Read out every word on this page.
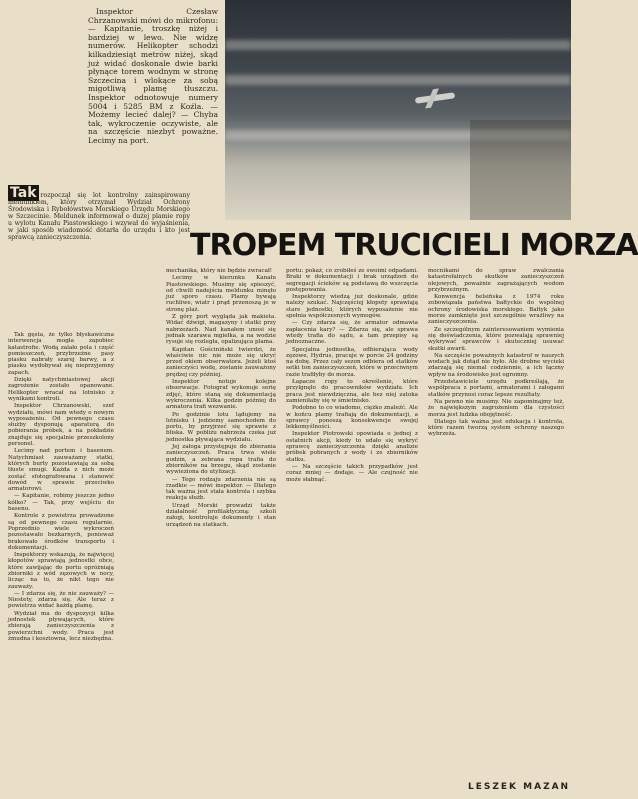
Inspektor Czesław Chrzanowski mówi do mikrofonu: — Kapitanie, troszkę niżej i bardziej w lewo. Nie widzę numerów. Helikopter schodzi kilkadziesiąt metrów niżej, skąd już widać doskonale dwie barki płynące torem wodnym w stronę Szczecina i wlokące za sobą migotliwą plamę tłuszczu. Inspektor odnotowuje numery 5004 i 5285 BM z Koźla. — Możemy lecieć dalej? — Chyba tak, wykroczenie oczywiste, ale na szczęście niezbyt poważne. Lecimy na port.

Tak rozpoczął się lot kontrolny zainspirowany meldunkiem, który otrzymał Wydział Ochrony Środowiska i Rybołówstwa Morskiego Urzędu Morskiego w Szczecinie. Meldunek informował o dużej plamie ropy u wylotu Kanału Piastowskiego i wzywał do wyjaśnienia, w jaki sposób wiadomość dotarła do urzędu i kto jest sprawcą zanieczyszczenia.	TROPEM TRUCICIELI MORZA

Tak gęsta, że tylko błyskawiczna interwencja mogła zapobiec katastrofie. Wodą zalało pola i część pomieszczeń, przybrzeżne pasy piasku nabrały szarej barwy, a z piasku wydobywał się nieprzyjemny zapach.

Dzięki natychmiastowej akcji zagrożenie zostało opanowane. Helikopter wracał na lotnisko z wynikami kontroli.

Inspektor Chrzanowski, szef wydziału, mówi nam wtedy o nowym wyposażeniu. Od pewnego czasu służby dysponują aparaturą do pobierania próbek, a na pokładzie znajduje się specjalnie przeszkolony personel.

Lecimy nad portem i basenem. Natychmiast zauważamy statki, których burty pozostawiają za sobą tłuste smugi. Każda z nich może zostać sfotografowana i stanowić dowód w sprawie przeciwko armatorowi.

— Kapitanie, robimy jeszcze jedno kółko? — Tak, przy wejściu do basenu.

Kontrole z powietrza prowadzone są od pewnego czasu regularnie. Poprzednio wiele wykroczeń pozostawało bezkarnych, ponieważ brakowało środków transportu i dokumentacji.

Inspektorzy wskazują, że najwięcej kłopotów sprawiają jednostki obce, które zawijając do portu opróżniają zbiorniki z wód zęzowych w nocy, licząc na to, że nikt tego nie zauważy.

— I zdarza się, że nie zauważy? — Niestety, zdarza się. Ale teraz z powietrza widać każdą plamę.

Wydział ma do dyspozycji kilka jednostek pływających, które zbierają zanieczyszczenia z powierzchni wody. Praca jest żmudna i kosztowna, lecz niezbędna.

mechanika, który nie będzie zwracał!

Lecimy w kierunku Kanału Piastowskiego. Musimy się spieszyć, od chwili nadejścia meldunku minęło już sporo czasu. Plamy bywają ruchliwe, wiatr i prąd przenoszą je w stronę plaż.

Z góry port wygląda jak makieta. Widać dźwigi, magazyny i statki przy nabrzeżach. Nad kanałem unosi się jednak szarawa mgiełka, a na wodzie rysuje się rozległa, opalizująca plama.

Kapitan Gościniński twierdzi, że właściwie nic nie może się ukryć przed okiem obserwatora. Jeżeli ktoś zanieczyści wodę, zostanie zauważony prędzej czy później.

Inspektor notuje kolejne obserwacje. Fotograf wykonuje serię zdjęć, które staną się dokumentacją wykroczenia. Kilka godzin później do armatora trafi wezwanie.

Po godzinie lotu lądujemy na lotnisku i jedziemy samochodem do portu, by przyjrzeć się sprawie z bliska. W pobliżu nabrzeża czeka już jednostka pływająca wydziału.

Jej załoga przystępuje do zbierania zanieczyszczeń. Praca trwa wiele godzin, a zebrana ropa trafia do zbiorników na brzegu, skąd zostanie wywieziona do utylizacji.

— Tego rodzaju zdarzenia nie są rzadkie — mówi inspektor. — Dlatego tak ważna jest stała kontrola i szybka reakcja służb.

Urząd Morski prowadzi także działalność profilaktyczną: szkoli załogi, kontroluje dokumenty i stan urządzeń na statkach.

portu: pokaż, co zrobiłeś ze swoimi odpadami. Braki w dokumentacji i brak urządzeń do segregacji ścieków są podstawą do wszczęcia postępowania.

Inspektorzy wiedzą już doskonale, gdzie należy szukać. Najczęściej kłopoty sprawiają stare jednostki, których wyposażenie nie spełnia współczesnych wymogów.

— Czy zdarza się, że armator odmawia zapłacenia kary? — Zdarza się, ale sprawa wtedy trafia do sądu, a tam przepisy są jednoznaczne.

Specjalna jednostka, odbierająca wody zęzowe, Hydrus, pracuje w porcie 24 godziny na dobę. Przez cały sezon odbiera od statków setki ton zanieczyszczeń, które w przeciwnym razie trafiłyby do morza.

Łapacze ropy to określenie, które przylgnęło do pracowników wydziału. Ich praca jest niewdzięczna, ale bez niej zatoka zamieniłaby się w śmietnisko.

Podobno to co wiadomo, ciężko znaleźć. Ale w końcu plamy trafiają do dokumentacji, a sprawcy ponoszą konsekwencje swojej lekkomyślności.

Inspektor Piotrowski opowiada o jednej z ostatnich akcji, kiedy to udało się wykryć sprawcę zanieczyszczenia dzięki analizie próbek pobranych z wody i ze zbiorników statku.

— Na szczęście takich przypadków jest coraz mniej — dodaje. — Ale czujność nie może słabnąć.

mocnikami do spraw zwalczania katastrofalnych skutków zanieczyszczeń olejowych, poważnie zagrażających wodom przybrzeżnym.

Konwencja helsińska z 1974 roku zobowiązała państwa bałtyckie do wspólnej ochrony środowiska morskiego. Bałtyk jako morze zamknięte jest szczególnie wrażliwy na zanieczyszczenia.

Ze szczególnym zainteresowaniem wymienia się doświadczenia, które pozwalają sprawniej wykrywać sprawców i skuteczniej usuwać skutki awarii.

Na szczęście poważnych katastrof w naszych wodach jak dotąd nie było. Ale drobne wycieki zdarzają się niemal codziennie, a ich łączny wpływ na środowisko jest ogromny.

Przedstawiciele urzędu podkreślają, że współpraca z portami, armatorami i załogami statków przynosi coraz lepsze rezultaty.

Na pewno nie musimy. Nie zapominajmy też, że największym zagrożeniem dla czystości morza jest ludzka obojętność.

Dlatego tak ważna jest edukacja i kontrola, które razem tworzą system ochrony naszego wybrzeża.

LESZEK MAZAN
